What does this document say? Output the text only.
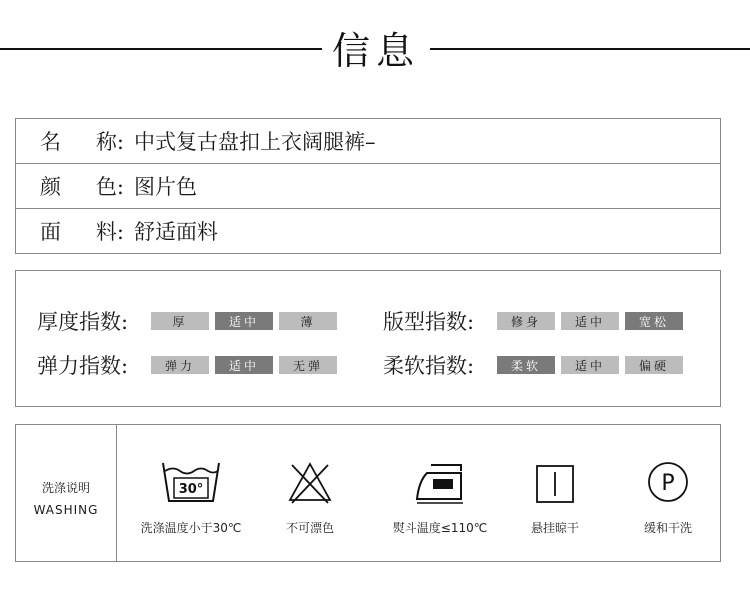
信息
名	称: 中式复古盘扣上衣阔腿裤–
颜	色: 图片色
面	料: 舒适面料
厚度指数:	厚	适中	薄	版型指数:	修身	适中	宽松
弹力指数:	弹力	适中	无弹	柔软指数:	柔软	适中	偏硬
洗涤说明
WASHING
30°
洗涤温度小于30℃	不可漂色	熨斗温度≤110℃	悬挂晾干
P
缓和干洗
